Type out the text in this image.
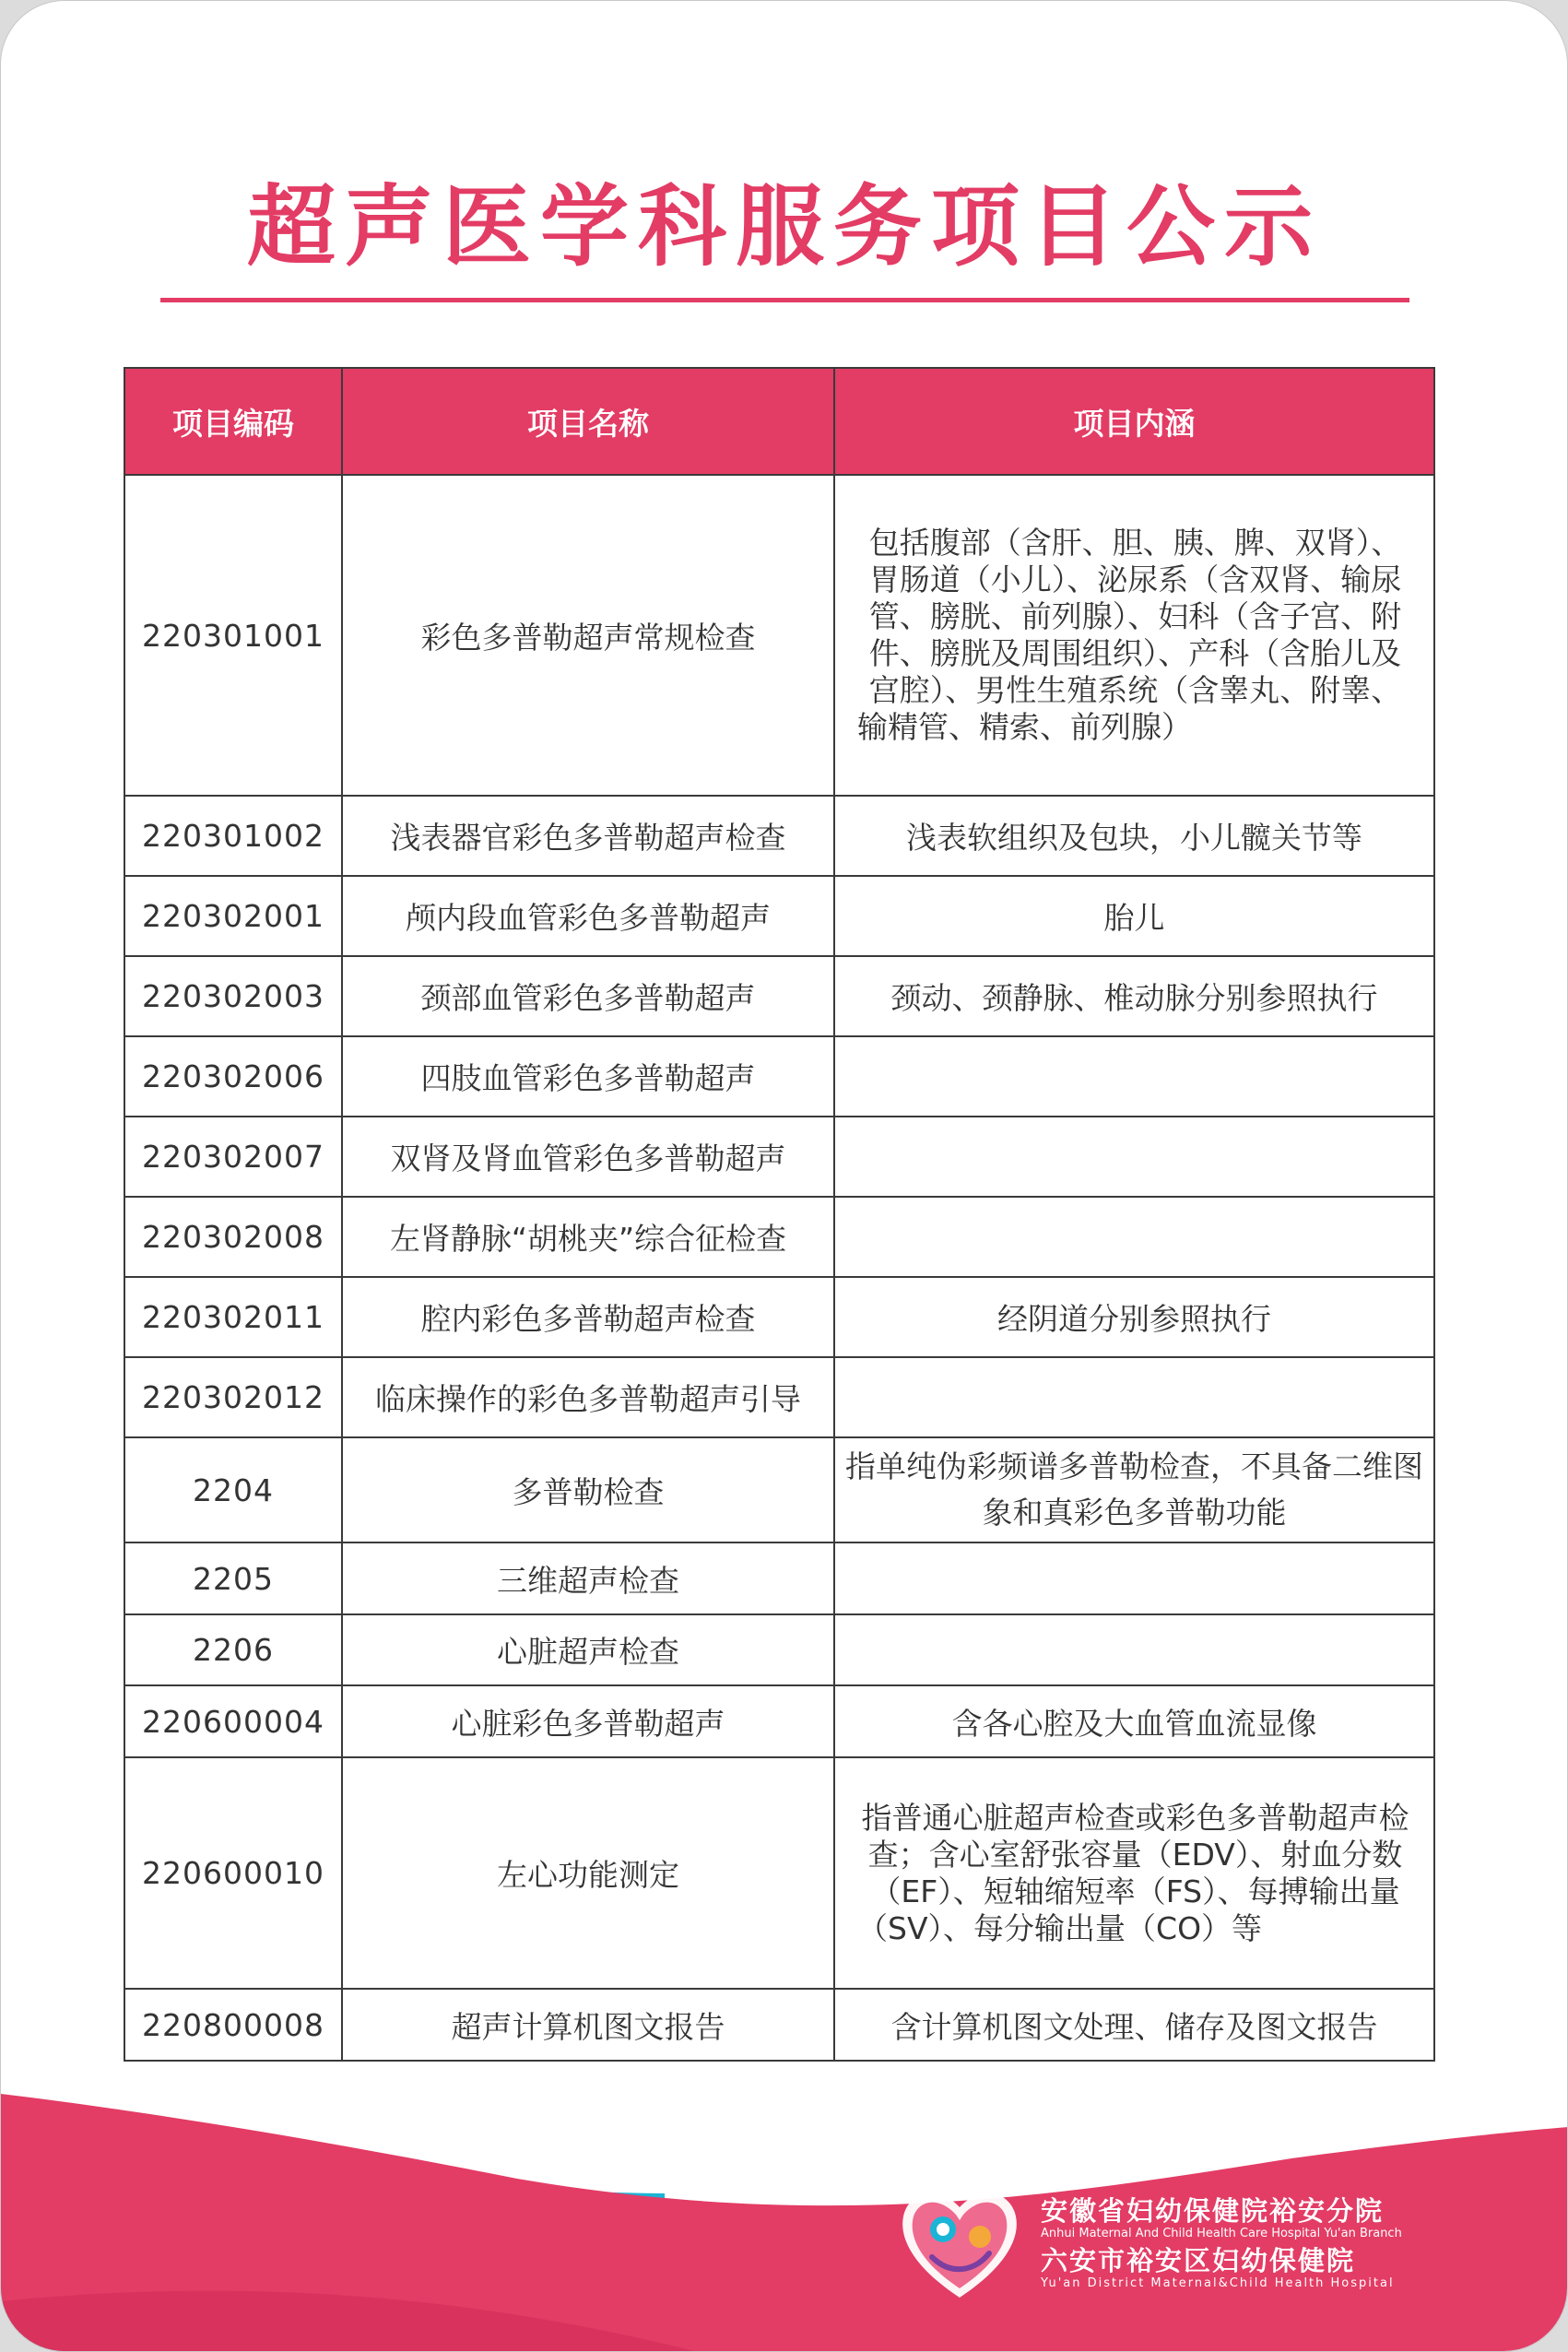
超声医学科服务项目公示
项目编码	项目名称	项目内涵
220301001	彩色多普勒超声常规检查	包括腹部（含肝、胆、胰、脾、双肾）、胃肠道（小儿）、泌尿系（含双肾、输尿管、膀胱、前列腺）、妇科（含子宫、附件、膀胱及周围组织）、产科（含胎儿及宫腔）、男性生殖系统（含睾丸、附睾、输精管、精索、前列腺）
220301002	浅表器官彩色多普勒超声检查	浅表软组织及包块，小儿髋关节等
220302001	颅内段血管彩色多普勒超声	胎儿
220302003	颈部血管彩色多普勒超声	颈动、颈静脉、椎动脉分别参照执行
220302006	四肢血管彩色多普勒超声	
220302007	双肾及肾血管彩色多普勒超声	
220302008	左肾静脉“胡桃夹”综合征检查	
220302011	腔内彩色多普勒超声检查	经阴道分别参照执行
220302012	临床操作的彩色多普勒超声引导	
2204	多普勒检查	指单纯伪彩频谱多普勒检查，不具备二维图象和真彩色多普勒功能
2205	三维超声检查	
2206	心脏超声检查	
220600004	心脏彩色多普勒超声	含各心腔及大血管血流显像
220600010	左心功能测定	指普通心脏超声检查或彩色多普勒超声检查；含心室舒张容量（EDV）、射血分数（EF）、短轴缩短率（FS）、每搏输出量（SV）、每分输出量（CO）等
220800008	超声计算机图文报告	含计算机图文处理、储存及图文报告
安徽省妇幼保健院裕安分院
Anhui Maternal And Child Health Care Hospital Yu'an Branch
六安市裕安区妇幼保健院
Yu'an District Maternal&Child Health Hospital
